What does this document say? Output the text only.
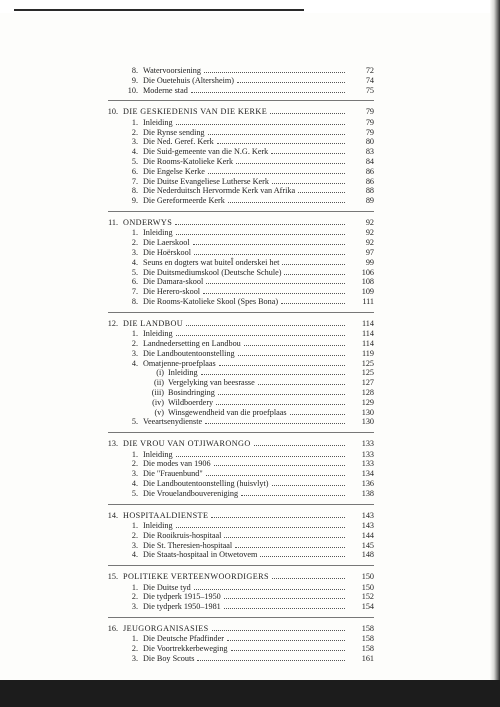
8. Watervoorsiening	72
9. Die Ouetehuis (Altersheim)	74
10. Moderne stad	75
10. DIE GESKIEDENIS VAN DIE KERKE	79
1. Inleiding	79
2. Die Rynse sending	79
3. Die Ned. Geref. Kerk	80
4. Die Suid-gemeente van die N.G. Kerk	83
5. Die Rooms-Katolieke Kerk	84
6. Die Engelse Kerke	86
7. Die Duitse Evangeliese Lutherse Kerk	86
8. Die Nederduitsch Hervormde Kerk van Afrika	88
9. Die Gereformeerde Kerk	89
11. ONDERWYS	92
1. Inleiding	92
2. Die Laerskool	92
3. Die Hoërskool	97
4. Seuns en dogters wat buiteÎ onderskei het	99
5. Die Duitsmediumskool (Deutsche Schule)	106
6. Die Damara-skool	108
7. Die Herero-skool	109
8. Die Rooms-Katolieke Skool (Spes Bona)	111
12. DIE LANDBOU	114
1. Inleiding	114
2. Landnedersetting en Landbou	114
3. Die Landboutentoonstelling	119
4. Omatjenne-proefplaas	125
(i) Inleiding	125
(ii) Vergelyking van beesrasse	127
(iii) Bosindringing	128
(iv) Wildboerdery	129
(v) Winsgewendheid van die proefplaas	130
5. Veeartsenydienste	130
13. DIE VROU VAN OTJIWARONGO	133
1. Inleiding	133
2. Die modes van 1906	133
3. Die "Frauenbund"	134
4. Die Landboutentoonstelling (huisvlyt)	136
5. Die Vrouelandbouvereniging	138
14. HOSPITAALDIENSTE	143
1. Inleiding	143
2. Die Rooikruis-hospitaal	144
3. Die St. Theresien-hospitaal	145
4. Die Staats-hospitaal in Otwetovem	148
15. POLITIEKE VERTEENWOORDIGERS	150
1. Die Duitse tyd	150
2. Die tydperk 1915–1950	152
3. Die tydperk 1950–1981	154
16. JEUGORGANISASIES	158
1. Die Deutsche Pfadfinder	158
2. Die Voortrekkerbeweging	158
3. Die Boy Scouts	161
